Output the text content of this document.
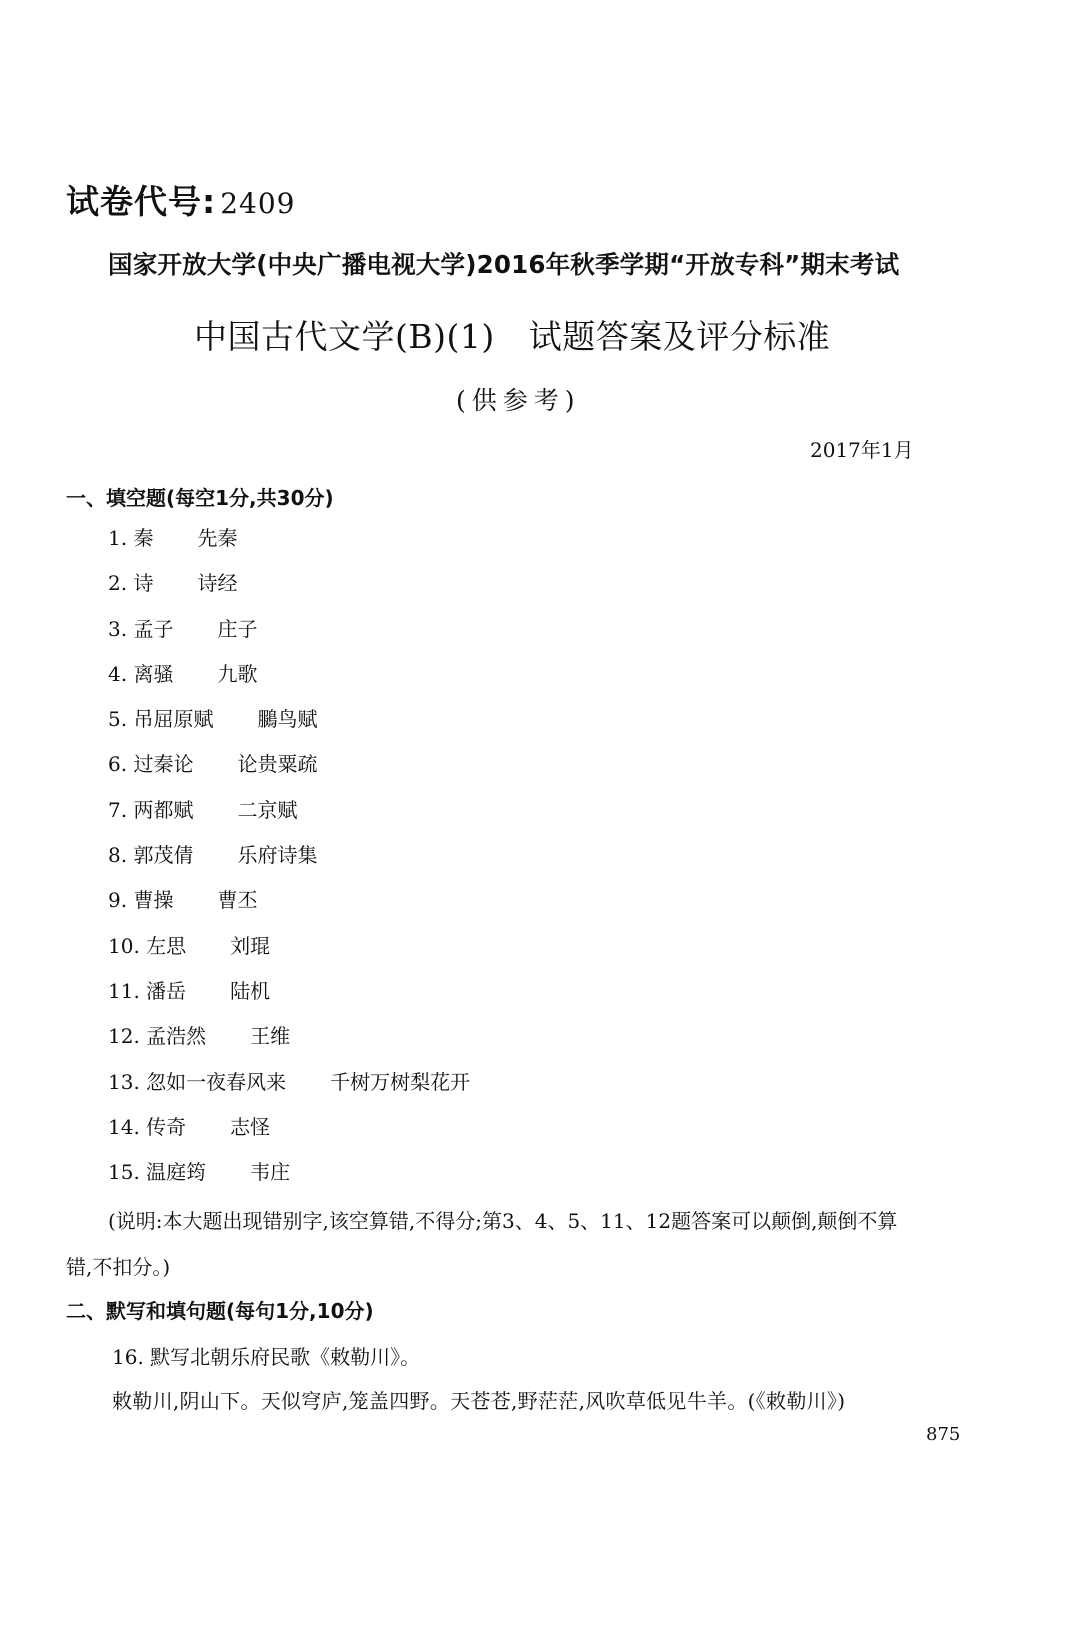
试卷代号: 2409
国家开放大学(中央广播电视大学)2016年秋季学期“开放专科”期末考试
中国古代文学(B)(1) 试题答案及评分标准
(供参考)
2017年1月
一、填空题(每空1分,共30分)
1. 秦 先秦
2. 诗 诗经
3. 孟子 庄子
4. 离骚 九歌
5. 吊屈原赋 鵩鸟赋
6. 过秦论 论贵粟疏
7. 两都赋 二京赋
8. 郭茂倩 乐府诗集
9. 曹操 曹丕
10. 左思 刘琨
11. 潘岳 陆机
12. 孟浩然 王维
13. 忽如一夜春风来 千树万树梨花开
14. 传奇 志怪
15. 温庭筠 韦庄
(说明:本大题出现错别字,该空算错,不得分;第3、4、5、11、12题答案可以颠倒,颠倒不算
错,不扣分。)
二、默写和填句题(每句1分,10分)
16. 默写北朝乐府民歌《敕勒川》。
敕勒川,阴山下。天似穹庐,笼盖四野。天苍苍,野茫茫,风吹草低见牛羊。(《敕勒川》)
875
